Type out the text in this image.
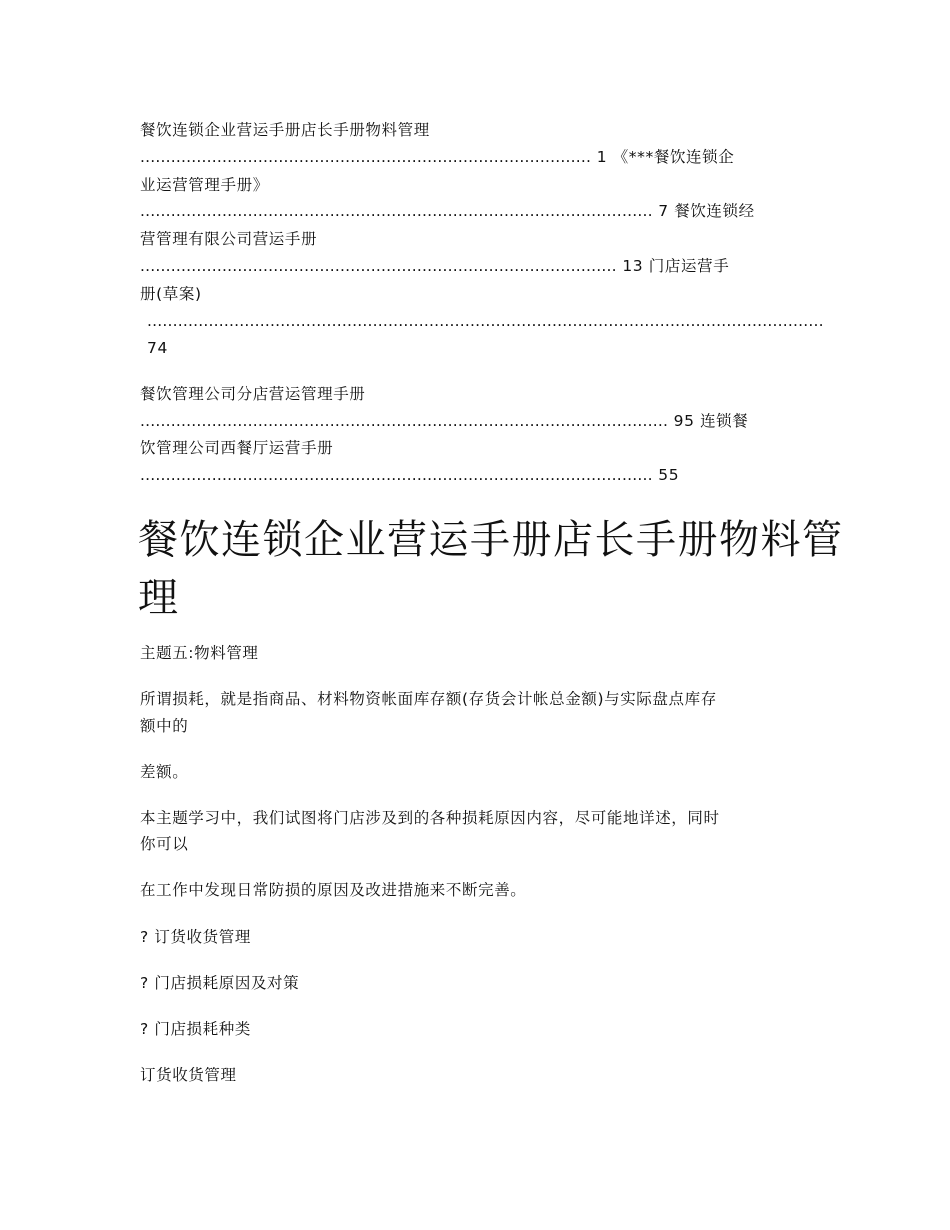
餐饮连锁企业营运手册店长手册物料管理
........................................................................................ 1 《***餐饮连锁企
业运营管理手册》
.................................................................................................... 7 餐饮连锁经
营管理有限公司营运手册
............................................................................................. 13 门店运营手
册(草案)
....................................................................................................................................
74
餐饮管理公司分店营运管理手册
....................................................................................................... 95 连锁餐
饮管理公司西餐厅运营手册
.................................................................................................... 55
餐饮连锁企业营运手册店长手册物料管
理
主题五:物料管理
所谓损耗，就是指商品、材料物资帐面库存额(存货会计帐总金额)与实际盘点库存
额中的
差额。
本主题学习中，我们试图将门店涉及到的各种损耗原因内容，尽可能地详述，同时
你可以
在工作中发现日常防损的原因及改进措施来不断完善。
? 订货收货管理
? 门店损耗原因及对策
? 门店损耗种类
订货收货管理
